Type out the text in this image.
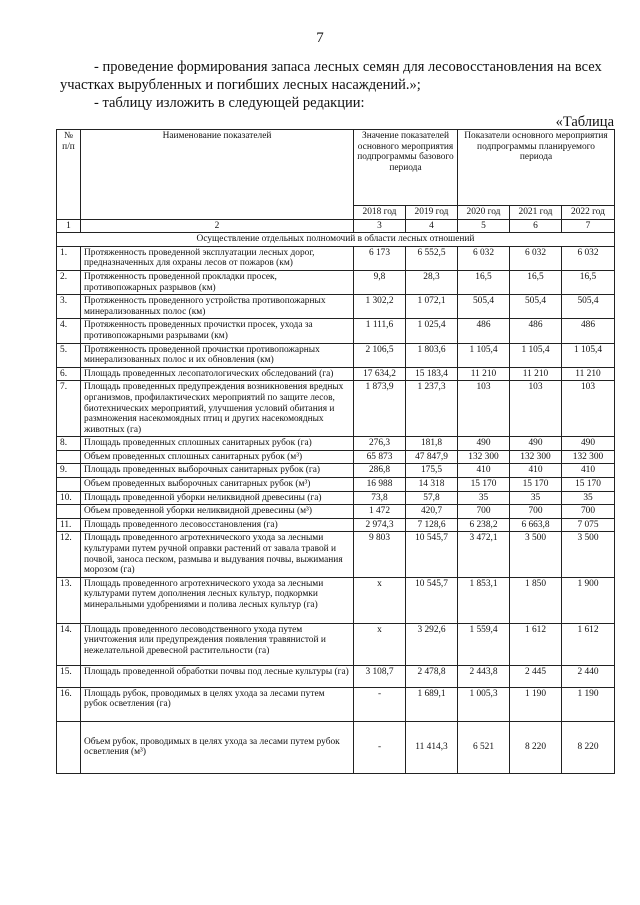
7

- проведение формирования запаса лесных семян для лесовосстановления на всех участках вырубленных и погибших лесных насаждений.»;

- таблицу изложить в следующей редакции:

«Таблица
№ п/п	Наименование показателей	Значение показателей основного мероприятия подпрограммы базового периода		Показатели основного мероприятия подпрограммы планируемого периода		
		2018 год	2019 год	2020 год	2021 год	2022 год
1	2	3	4	5	6	7
Осуществление отдельных полномочий в области лесных отношений						
1.	Протяженность проведенной эксплуатации лесных дорог, предназначенных для охраны лесов от пожаров (км)	6 173	6 552,5	6 032	6 032	6 032
2.	Протяженность проведенной прокладки просек, противопожарных разрывов (км)	9,8	28,3	16,5	16,5	16,5
3.	Протяженность проведенного устройства противопожарных минерализованных полос (км)	1 302,2	1 072,1	505,4	505,4	505,4
4.	Протяженность проведенных прочистки просек, ухода за противопожарными разрывами (км)	1 111,6	1 025,4	486	486	486
5.	Протяженность проведенной прочистки противопожарных минерализованных полос и их обновления (км)	2 106,5	1 803,6	1 105,4	1 105,4	1 105,4
6.	Площадь проведенных лесопатологических обследований (га)	17 634,2	15 183,4	11 210	11 210	11 210
7.	Площадь проведенных предупреждения возникновения вредных организмов, профилактических мероприятий по защите лесов, биотехнических мероприятий, улучшения условий обитания и размножения насекомоядных птиц и других насекомоядных животных (га)	1 873,9	1 237,3	103	103	103
8.	Площадь проведенных сплошных санитарных рубок (га)	276,3	181,8	490	490	490
	Объем проведенных сплошных санитарных рубок (м³)	65 873	47 847,9	132 300	132 300	132 300
9.	Площадь проведенных выборочных санитарных рубок (га)	286,8	175,5	410	410	410
	Объем проведенных выборочных санитарных рубок (м³)	16 988	14 318	15 170	15 170	15 170
10.	Площадь проведенной уборки неликвидной древесины (га)	73,8	57,8	35	35	35
	Объем проведенной уборки неликвидной древесины (м³)	1 472	420,7	700	700	700
11.	Площадь проведенного лесовосстановления (га)	2 974,3	7 128,6	6 238,2	6 663,8	7 075
12.	Площадь проведенного агротехнического ухода за лесными культурами путем ручной оправки растений от завала травой и почвой, заноса песком, размыва и выдувания почвы, выжимания морозом (га)	9 803	10 545,7	3 472,1	3 500	3 500
13.	Площадь проведенного агротехнического ухода за лесными культурами путем дополнения лесных культур, подкормки минеральными удобрениями и полива лесных культур (га)	х	10 545,7	1 853,1	1 850	1 900
14.	Площадь проведенного лесоводственного ухода путем уничтожения или предупреждения появления травянистой и нежелательной древесной растительности (га)	х	3 292,6	1 559,4	1 612	1 612
15.	Площадь проведенной обработки почвы под лесные культуры (га)	3 108,7	2 478,8	2 443,8	2 445	2 440
16.	Площадь рубок, проводимых в целях ухода за лесами путем рубок осветления (га)	-	1 689,1	1 005,3	1 190	1 190
	Объем рубок, проводимых в целях ухода за лесами путем рубок осветления (м³)	-	11 414,3	6 521	8 220	8 220
